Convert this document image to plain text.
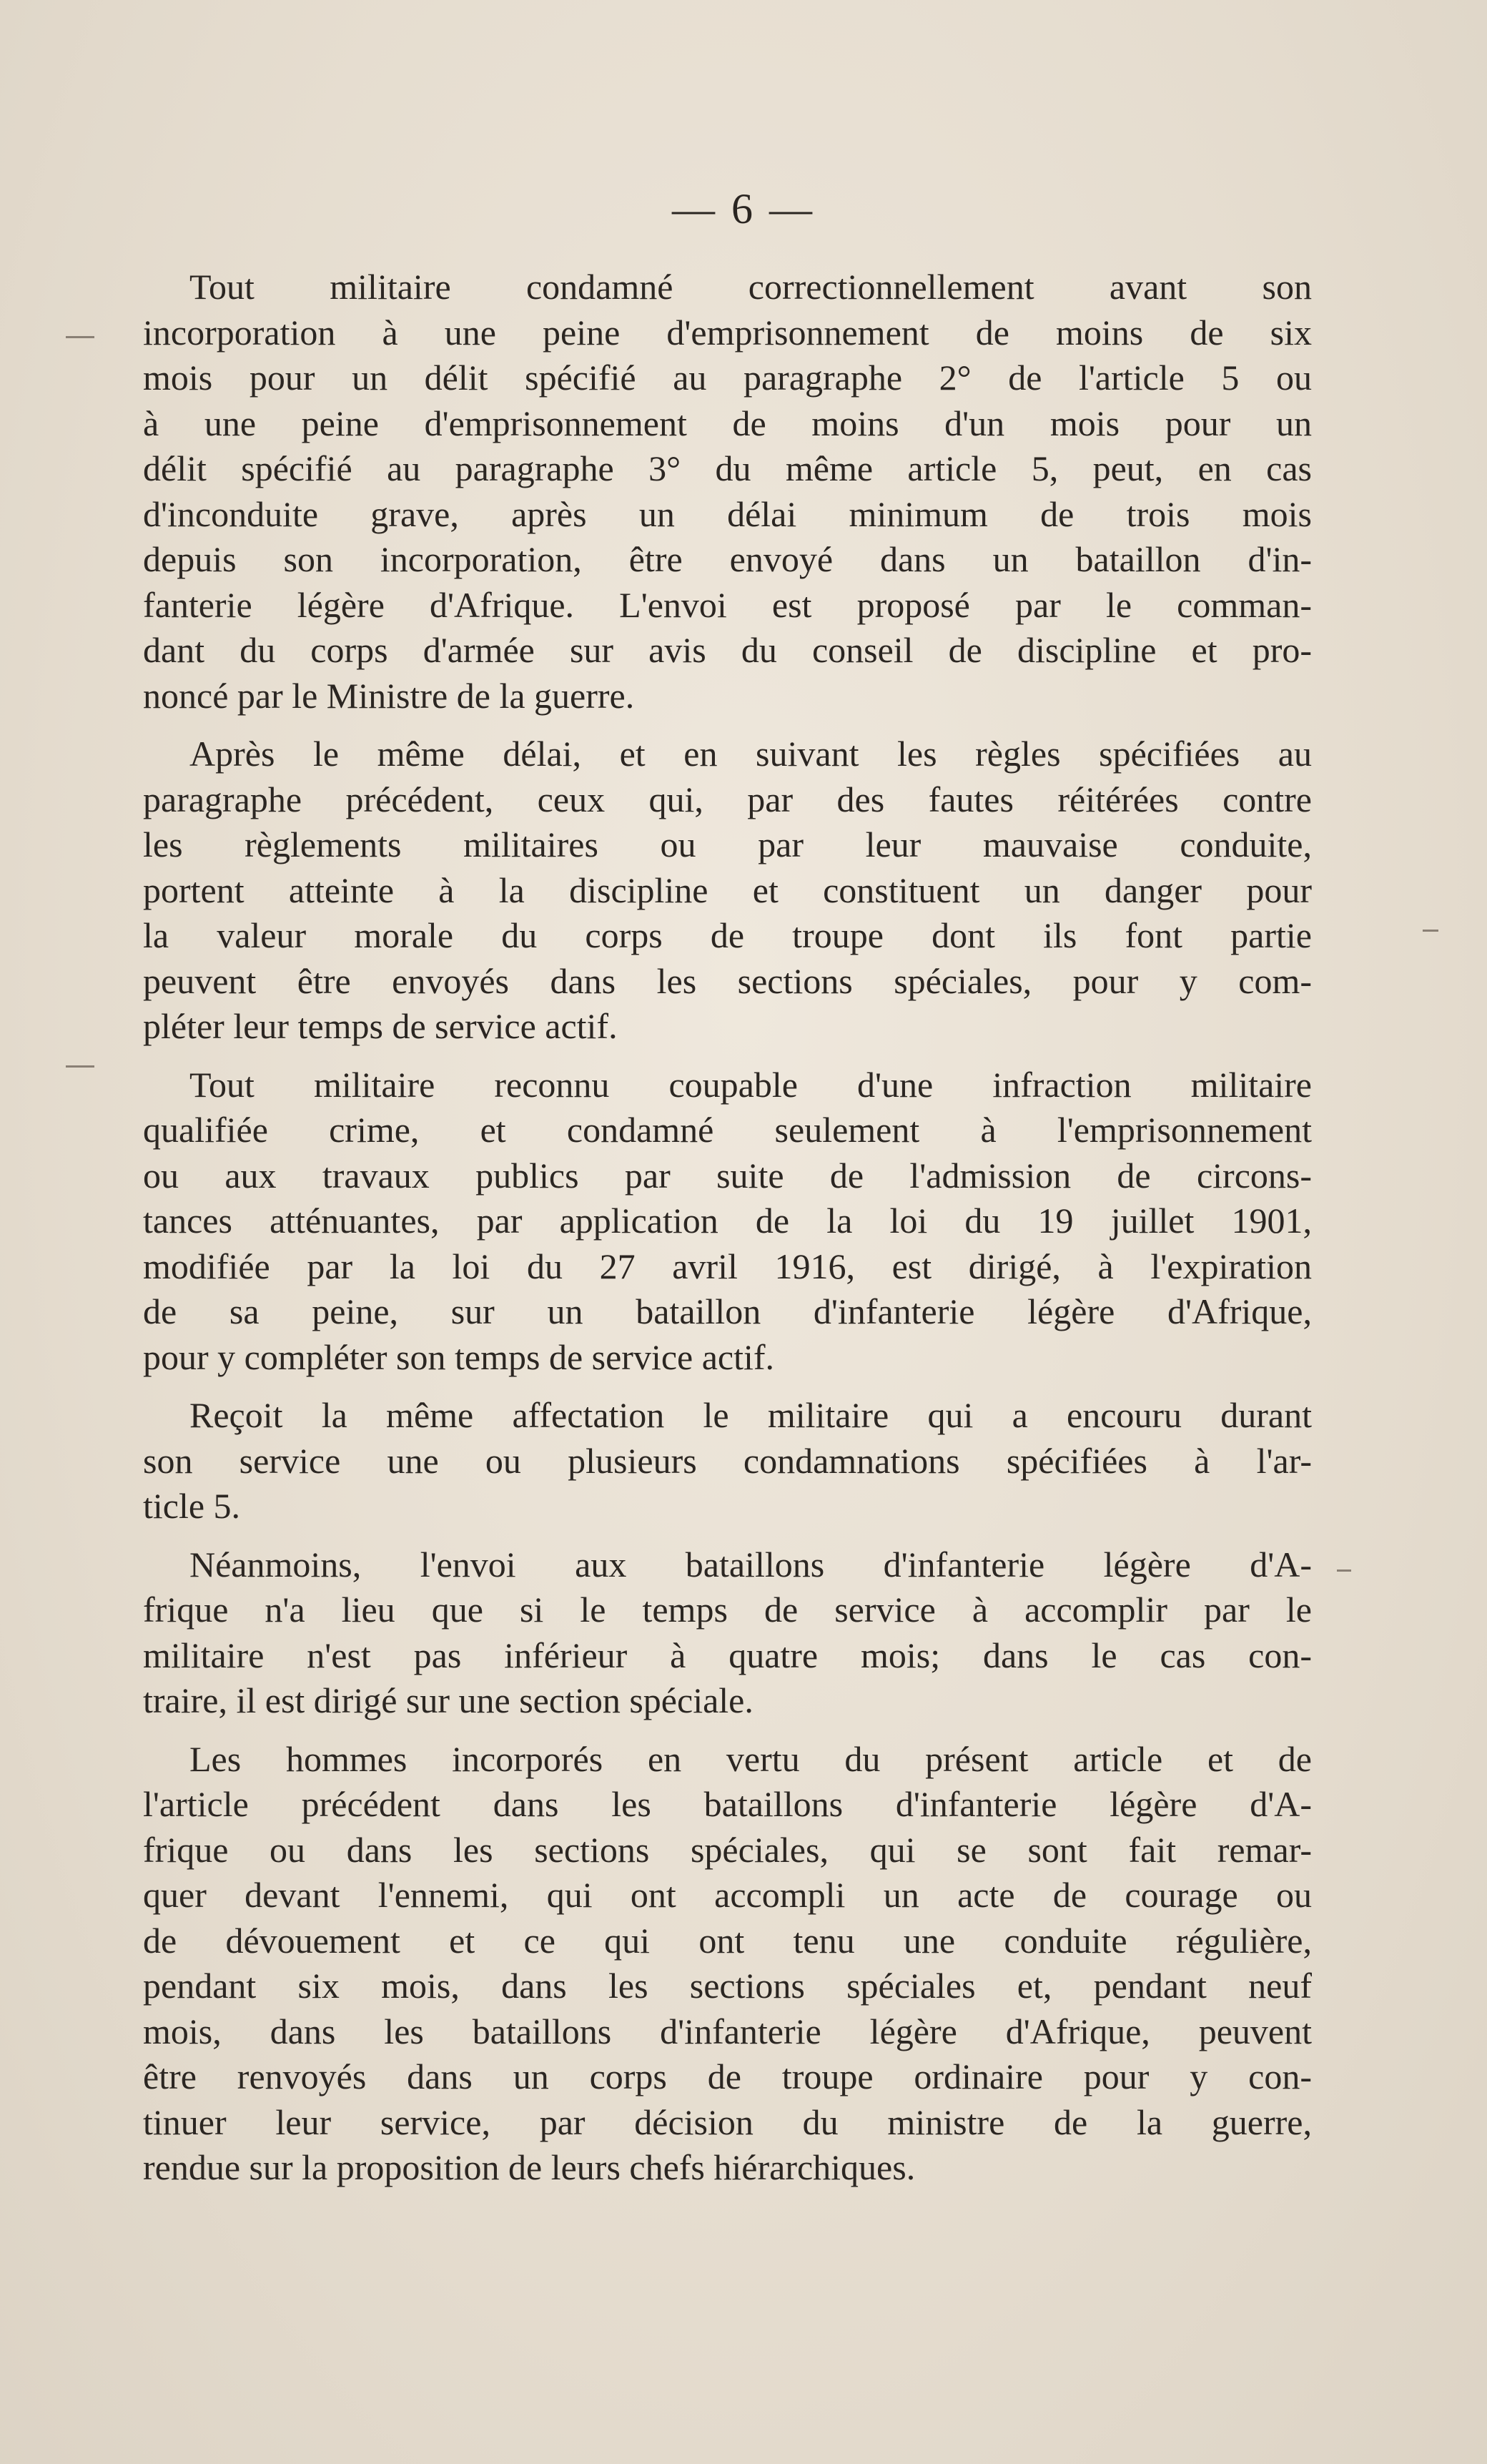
— 6 —
Tout militaire condamné correctionnellement avant son
incorporation à une peine d'emprisonnement de moins de six
mois pour un délit spécifié au paragraphe 2° de l'article 5 ou
à une peine d'emprisonnement de moins d'un mois pour un
délit spécifié au paragraphe 3° du même article 5, peut, en cas
d'inconduite grave, après un délai minimum de trois mois
depuis son incorporation, être envoyé dans un bataillon d'in-
fanterie légère d'Afrique. L'envoi est proposé par le comman-
dant du corps d'armée sur avis du conseil de discipline et pro-
noncé par le Ministre de la guerre.
Après le même délai, et en suivant les règles spécifiées au
paragraphe précédent, ceux qui, par des fautes réitérées contre
les règlements militaires ou par leur mauvaise conduite,
portent atteinte à la discipline et constituent un danger pour
la valeur morale du corps de troupe dont ils font partie
peuvent être envoyés dans les sections spéciales, pour y com-
pléter leur temps de service actif.
Tout militaire reconnu coupable d'une infraction militaire
qualifiée crime, et condamné seulement à l'emprisonnement
ou aux travaux publics par suite de l'admission de circons-
tances atténuantes, par application de la loi du 19 juillet 1901,
modifiée par la loi du 27 avril 1916, est dirigé, à l'expiration
de sa peine, sur un bataillon d'infanterie légère d'Afrique,
pour y compléter son temps de service actif.
Reçoit la même affectation le militaire qui a encouru durant
son service une ou plusieurs condamnations spécifiées à l'ar-
ticle 5.
Néanmoins, l'envoi aux bataillons d'infanterie légère d'A-
frique n'a lieu que si le temps de service à accomplir par le
militaire n'est pas inférieur à quatre mois; dans le cas con-
traire, il est dirigé sur une section spéciale.
Les hommes incorporés en vertu du présent article et de
l'article précédent dans les bataillons d'infanterie légère d'A-
frique ou dans les sections spéciales, qui se sont fait remar-
quer devant l'ennemi, qui ont accompli un acte de courage ou
de dévouement et ce qui ont tenu une conduite régulière,
pendant six mois, dans les sections spéciales et, pendant neuf
mois, dans les bataillons d'infanterie légère d'Afrique, peuvent
être renvoyés dans un corps de troupe ordinaire pour y con-
tinuer leur service, par décision du ministre de la guerre,
rendue sur la proposition de leurs chefs hiérarchiques.
